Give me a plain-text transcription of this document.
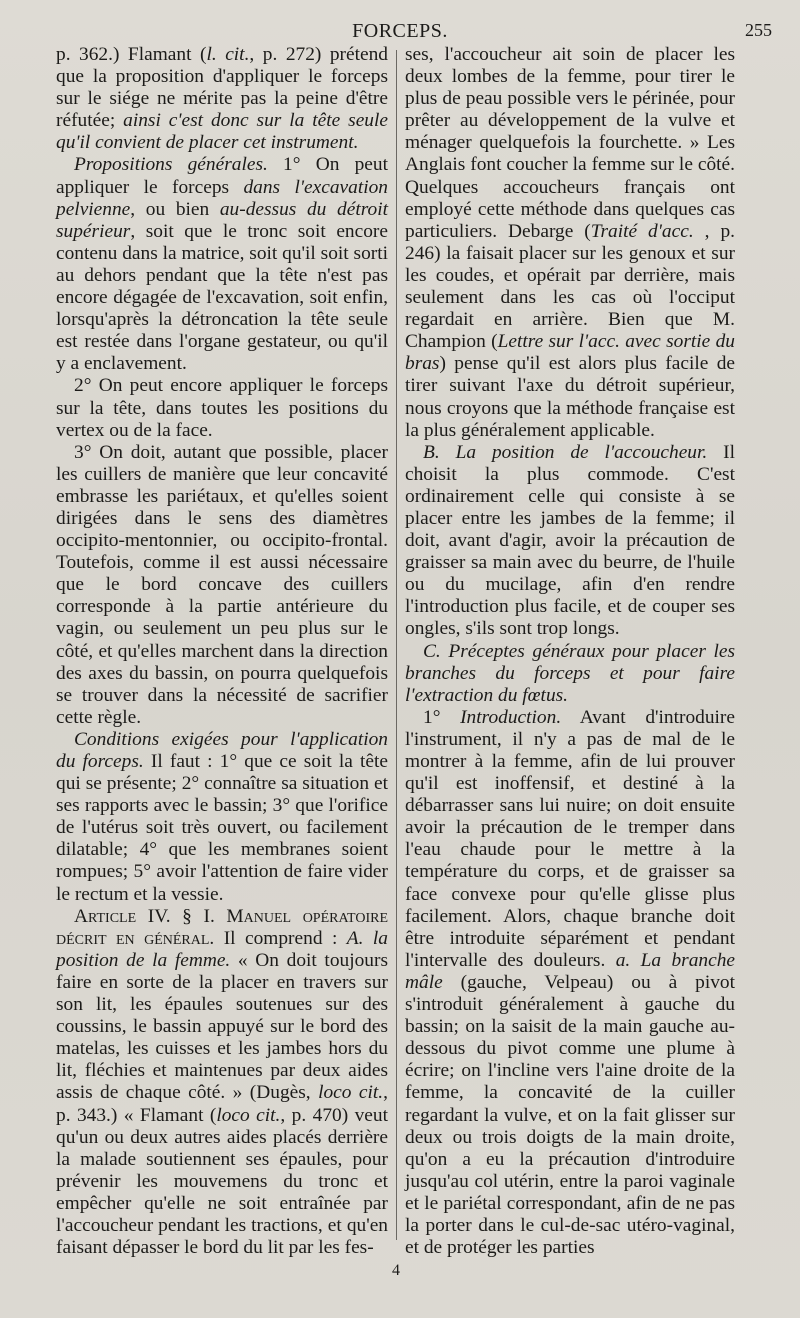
FORCEPS.	255

p. 362.) Flamant (l. cit., p. 272) prétend que la proposition d'appliquer le forceps sur le siége ne mérite pas la peine d'être réfutée; ainsi c'est donc sur la tête seule qu'il convient de placer cet instrument.

Propositions générales. 1° On peut appliquer le forceps dans l'excavation pelvienne, ou bien au-dessus du détroit supérieur, soit que le tronc soit encore contenu dans la matrice, soit qu'il soit sorti au dehors pendant que la tête n'est pas encore dégagée de l'excavation, soit enfin, lorsqu'après la détroncation la tête seule est restée dans l'organe gestateur, ou qu'il y a enclavement.

2° On peut encore appliquer le forceps sur la tête, dans toutes les positions du vertex ou de la face.

3° On doit, autant que possible, placer les cuillers de manière que leur concavité embrasse les pariétaux, et qu'elles soient dirigées dans le sens des diamètres occipito-mentonnier, ou occipito-frontal. Toutefois, comme il est aussi nécessaire que le bord concave des cuillers corresponde à la partie antérieure du vagin, ou seulement un peu plus sur le côté, et qu'elles marchent dans la direction des axes du bassin, on pourra quelquefois se trouver dans la nécessité de sacrifier cette règle.

Conditions exigées pour l'application du forceps. Il faut : 1° que ce soit la tête qui se présente; 2° connaître sa situation et ses rapports avec le bassin; 3° que l'orifice de l'utérus soit très ouvert, ou facilement dilatable; 4° que les membranes soient rompues; 5° avoir l'attention de faire vider le rectum et la vessie.

Article IV. § I. Manuel opératoire décrit en général. Il comprend : A. la position de la femme. « On doit toujours faire en sorte de la placer en travers sur son lit, les épaules soutenues sur des coussins, le bassin appuyé sur le bord des matelas, les cuisses et les jambes hors du lit, fléchies et maintenues par deux aides assis de chaque côté. » (Dugès, loco cit., p. 343.) « Flamant (loco cit., p. 470) veut qu'un ou deux autres aides placés derrière la malade soutiennent ses épaules, pour prévenir les mouvemens du tronc et empêcher qu'elle ne soit entraînée par l'accoucheur pendant les tractions, et qu'en faisant dépasser le bord du lit par les fes-

ses, l'accoucheur ait soin de placer les deux lombes de la femme, pour tirer le plus de peau possible vers le périnée, pour prêter au développement de la vulve et ménager quelquefois la fourchette. » Les Anglais font coucher la femme sur le côté. Quelques accoucheurs français ont employé cette méthode dans quelques cas particuliers. Debarge (Traité d'acc. , p. 246) la faisait placer sur les genoux et sur les coudes, et opérait par derrière, mais seulement dans les cas où l'occiput regardait en arrière. Bien que M. Champion (Lettre sur l'acc. avec sortie du bras) pense qu'il est alors plus facile de tirer suivant l'axe du détroit supérieur, nous croyons que la méthode française est la plus généralement applicable.

B. La position de l'accoucheur. Il choisit la plus commode. C'est ordinairement celle qui consiste à se placer entre les jambes de la femme; il doit, avant d'agir, avoir la précaution de graisser sa main avec du beurre, de l'huile ou du mucilage, afin d'en rendre l'introduction plus facile, et de couper ses ongles, s'ils sont trop longs.

C. Préceptes généraux pour placer les branches du forceps et pour faire l'extraction du fœtus.

1° Introduction. Avant d'introduire l'instrument, il n'y a pas de mal de le montrer à la femme, afin de lui prouver qu'il est inoffensif, et destiné à la débarrasser sans lui nuire; on doit ensuite avoir la précaution de le tremper dans l'eau chaude pour le mettre à la température du corps, et de graisser sa face convexe pour qu'elle glisse plus facilement. Alors, chaque branche doit être introduite séparément et pendant l'intervalle des douleurs. a. La branche mâle (gauche, Velpeau) ou à pivot s'introduit généralement à gauche du bassin; on la saisit de la main gauche au-dessous du pivot comme une plume à écrire; on l'incline vers l'aine droite de la femme, la concavité de la cuiller regardant la vulve, et on la fait glisser sur deux ou trois doigts de la main droite, qu'on a eu la précaution d'introduire jusqu'au col utérin, entre la paroi vaginale et le pariétal correspondant, afin de ne pas la porter dans le cul-de-sac utéro-vaginal, et de protéger les parties

4
